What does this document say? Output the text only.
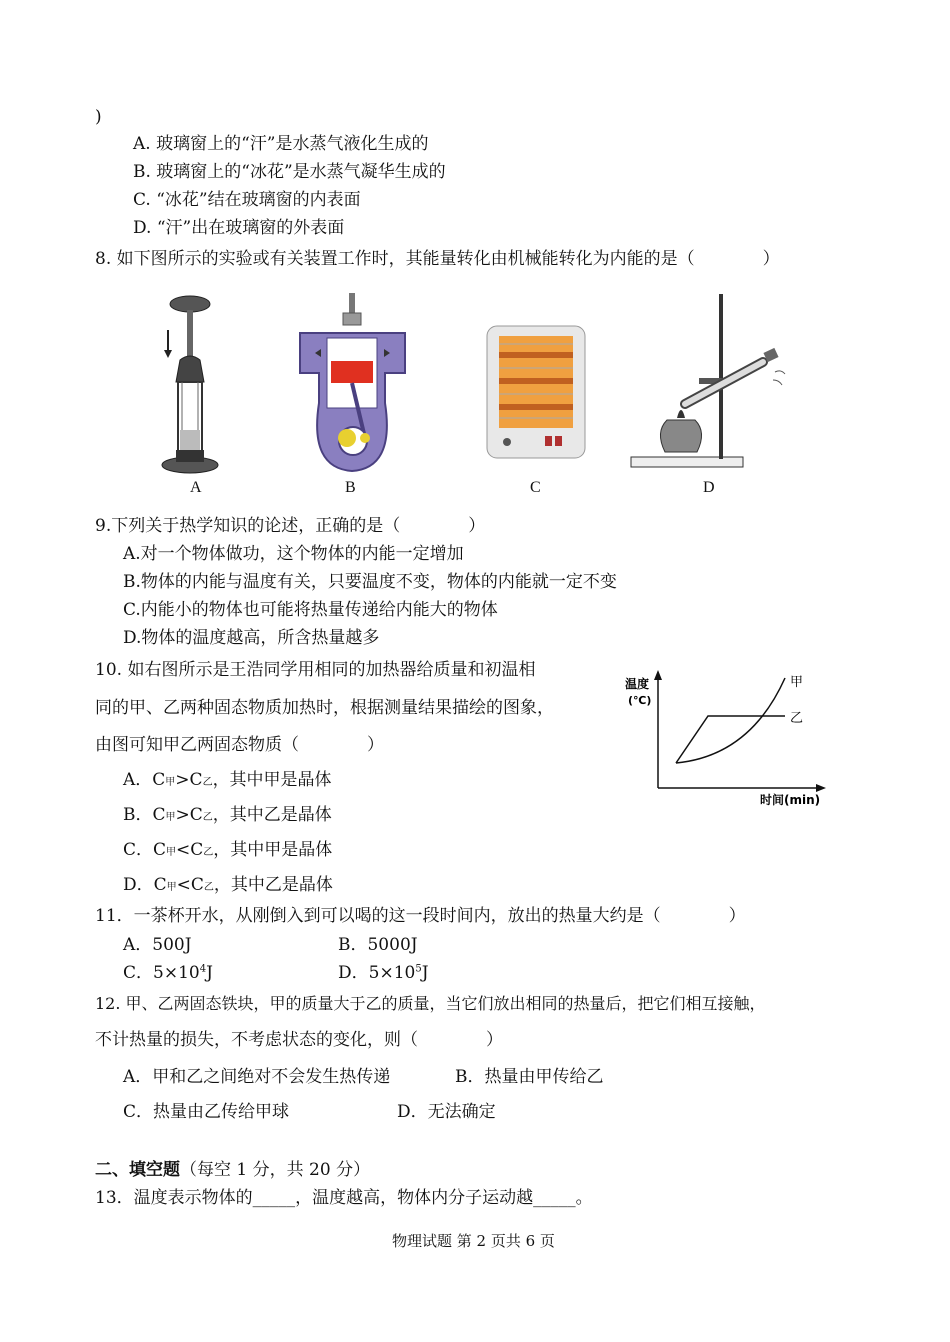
)
A. 玻璃窗上的“汗”是水蒸气液化生成的
B. 玻璃窗上的“冰花”是水蒸气凝华生成的
C. “冰花”结在玻璃窗的内表面
D. “汗”出在玻璃窗的外表面
8. 如下图所示的实验或有关装置工作时，其能量转化由机械能转化为内能的是（　　　　）
A	B	C	D
9.下列关于热学知识的论述，正确的是（　　　　）
A.对一个物体做功，这个物体的内能一定增加
B.物体的内能与温度有关，只要温度不变，物体的内能就一定不变
C.内能小的物体也可能将热量传递给内能大的物体
D.物体的温度越高，所含热量越多
10. 如右图所示是王浩同学用相同的加热器给质量和初温相
同的甲、乙两种固态物质加热时，根据测量结果描绘的图象，
由图可知甲乙两固态物质（　　　　）
A．C甲>C乙，其中甲是晶体
B．C甲>C乙，其中乙是晶体
C．C甲<C乙，其中甲是晶体
D．C甲<C乙，其中乙是晶体
温度
(℃)
时间(min)
甲
乙
11．一茶杯开水，从刚倒入到可以喝的这一段时间内，放出的热量大约是（　　　　）
A．500J	B．5000J
C．$5\times 10^4J$	D．$5\times 10^5J$
12. 甲、乙两固态铁块，甲的质量大于乙的质量，当它们放出相同的热量后，把它们相互接触，
不计热量的损失，不考虑状态的变化，则（　　　　）
A．甲和乙之间绝对不会发生热传递	B．热量由甲传给乙
C．热量由乙传给甲球	D．无法确定
二、填空题（每空 1 分，共 20 分）
13．温度表示物体的_____，温度越高，物体内分子运动越_____。
物理试题 第 2 页共 6 页
